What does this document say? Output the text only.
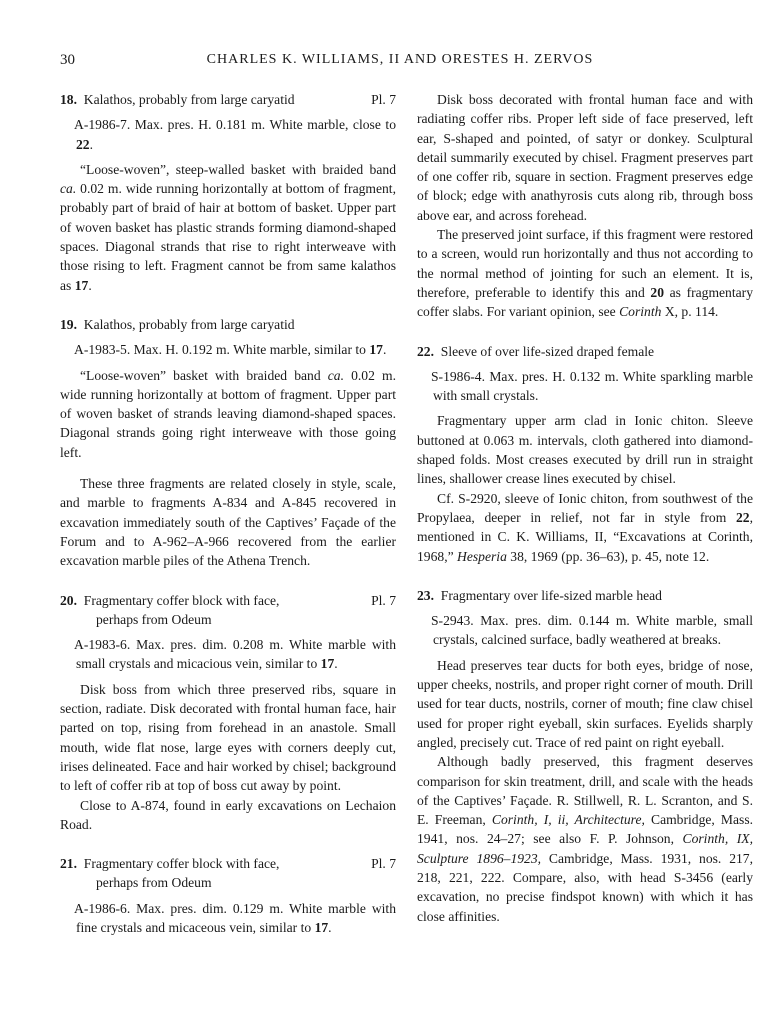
30	CHARLES K. WILLIAMS, II AND ORESTES H. ZERVOS
18. Kalathos, probably from large caryatid	Pl. 7

A-1986-7. Max. pres. H. 0.181 m. White marble, close to 22.

“Loose-woven”, steep-walled basket with braided band ca. 0.02 m. wide running horizontally at bottom of fragment, probably part of braid of hair at bottom of basket. Upper part of woven basket has plastic strands forming diamond-shaped spaces. Diagonal strands that rise to right interweave with those rising to left. Fragment cannot be from same kalathos as 17.

19. Kalathos, probably from large caryatid

A-1983-5. Max. H. 0.192 m. White marble, similar to 17.

“Loose-woven” basket with braided band ca. 0.02 m. wide running horizontally at bottom of fragment. Upper part of woven basket of strands leaving diamond-shaped spaces. Diagonal strands going right interweave with those going left.

These three fragments are related closely in style, scale, and marble to fragments A-834 and A-845 recovered in excavation immediately south of the Captives’ Façade of the Forum and to A-962–A-966 recovered from the earlier excavation marble piles of the Athena Trench.

20. Fragmentary coffer block with face,	Pl. 7
perhaps from Odeum

A-1983-6. Max. pres. dim. 0.208 m. White marble with small crystals and micacious vein, similar to 17.

Disk boss from which three preserved ribs, square in section, radiate. Disk decorated with frontal human face, hair parted on top, rising from forehead in an anastole. Small mouth, wide flat nose, large eyes with corners deeply cut, irises delineated. Face and hair worked by chisel; background to left of coffer rib at top of boss cut away by point.

Close to A-874, found in early excavations on Lechaion Road.

21. Fragmentary coffer block with face,	Pl. 7
perhaps from Odeum

A-1986-6. Max. pres. dim. 0.129 m. White marble with fine crystals and micaceous vein, similar to 17.

Disk boss decorated with frontal human face and with radiating coffer ribs. Proper left side of face preserved, left ear, S-shaped and pointed, of satyr or donkey. Sculptural detail summarily executed by chisel. Fragment preserves part of one coffer rib, square in section. Fragment preserves edge of block; edge with anathyrosis cuts along rib, through boss above ear, and across forehead.

The preserved joint surface, if this fragment were restored to a screen, would run horizontally and thus not according to the normal method of jointing for such an element. It is, therefore, preferable to identify this and 20 as fragmentary coffer slabs. For variant opinion, see Corinth X, p. 114.

22. Sleeve of over life-sized draped female

S-1986-4. Max. pres. H. 0.132 m. White sparkling marble with small crystals.

Fragmentary upper arm clad in Ionic chiton. Sleeve buttoned at 0.063 m. intervals, cloth gathered into diamond-shaped folds. Most creases executed by drill run in straight lines, shallower crease lines executed by chisel.

Cf. S-2920, sleeve of Ionic chiton, from southwest of the Propylaea, deeper in relief, not far in style from 22, mentioned in C. K. Williams, II, “Excavations at Corinth, 1968,” Hesperia 38, 1969 (pp. 36–63), p. 45, note 12.

23. Fragmentary over life-sized marble head

S-2943. Max. pres. dim. 0.144 m. White marble, small crystals, calcined surface, badly weathered at breaks.

Head preserves tear ducts for both eyes, bridge of nose, upper cheeks, nostrils, and proper right corner of mouth. Drill used for tear ducts, nostrils, corner of mouth; fine claw chisel used for proper right eyeball, skin surfaces. Eyelids sharply angled, precisely cut. Trace of red paint on right eyeball.

Although badly preserved, this fragment deserves comparison for skin treatment, drill, and scale with the heads of the Captives’ Façade. R. Stillwell, R. L. Scranton, and S. E. Freeman, Corinth, I, ii, Architecture, Cambridge, Mass. 1941, nos. 24–27; see also F. P. Johnson, Corinth, IX, Sculpture 1896–1923, Cambridge, Mass. 1931, nos. 217, 218, 221, 222. Compare, also, with head S-3456 (early excavation, no precise findspot known) with which it has close affinities.
